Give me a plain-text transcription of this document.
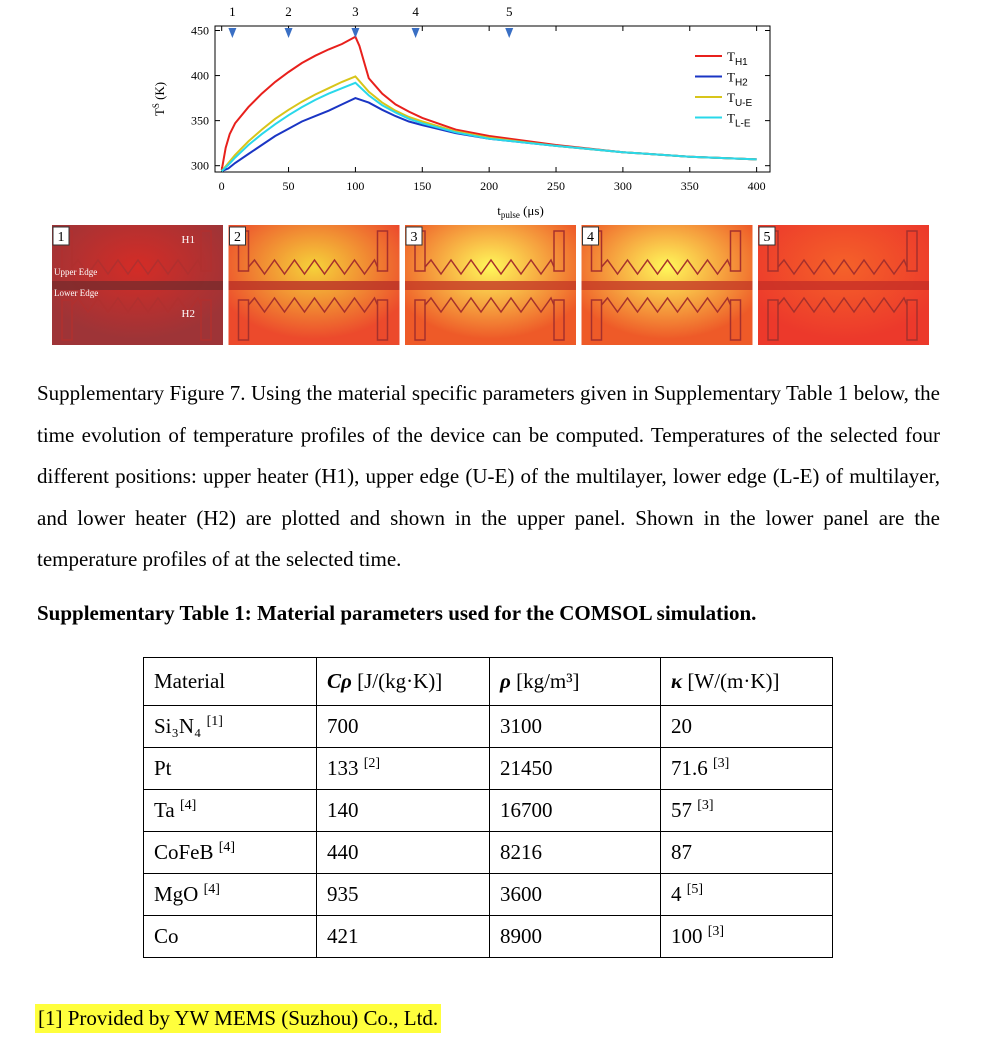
0	50	100	150	200	250	300	350	400
300
350
400
450
1	2	3	4	5
$T_{H1}$
$T_{H2}$
$T_{U-E}$
$T_{L-E}$
$t_{pulse}$ (μs)
$T^S$ (K)
1	H1
H2
Upper Edge
Lower Edge
2	3	4	5

Supplementary Figure 7. Using the material specific parameters given in Supplementary Table 1 below, the time evolution of temperature profiles of the device can be computed. Temperatures of the selected four different positions: upper heater (H1), upper edge (U-E) of the multilayer, lower edge (L-E) of multilayer, and lower heater (H2) are plotted and shown in the upper panel. Shown in the lower panel are the temperature profiles of at the selected time.

Supplementary Table 1: Material parameters used for the COMSOL simulation.

Material	Cρ [J/(kg·K)]	ρ [kg/m³]	κ [W/(m·K)]
Si₃N₄ [1]	700	3100	20
Pt	133 [2]	21450	71.6 [3]
Ta [4]	140	16700	57 [3]
CoFeB [4]	440	8216	87
MgO [4]	935	3600	4 [5]
Co	421	8900	100 [3]

[1] Provided by YW MEMS (Suzhou) Co., Ltd.
